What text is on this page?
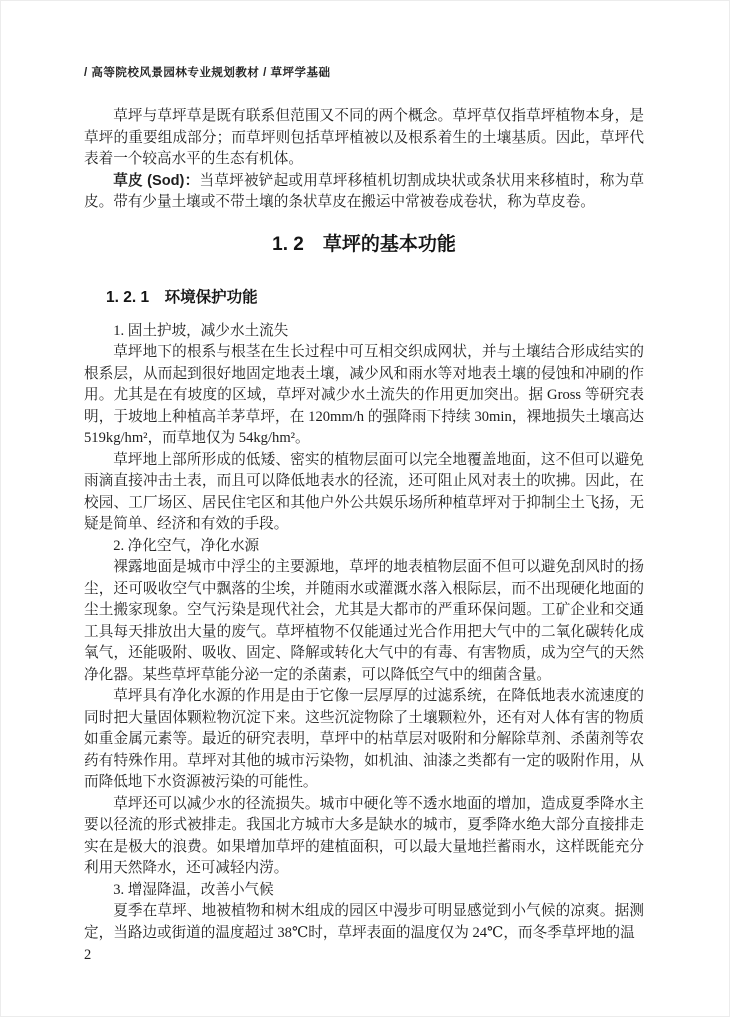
/ 高等院校风景园林专业规划教材 / 草坪学基础

草坪与草坪草是既有联系但范围又不同的两个概念。草坪草仅指草坪植物本身，是草坪的重要组成部分；而草坪则包括草坪植被以及根系着生的土壤基质。因此，草坪代表着一个较高水平的生态有机体。

草皮 (Sod)：当草坪被铲起或用草坪移植机切割成块状或条状用来移植时，称为草皮。带有少量土壤或不带土壤的条状草皮在搬运中常被卷成卷状，称为草皮卷。

1. 2　草坪的基本功能
1. 2. 1　环境保护功能

1. 固土护坡，减少水土流失

草坪地下的根系与根茎在生长过程中可互相交织成网状，并与土壤结合形成结实的根系层，从而起到很好地固定地表土壤，减少风和雨水等对地表土壤的侵蚀和冲刷的作用。尤其是在有坡度的区域，草坪对减少水土流失的作用更加突出。据 Gross 等研究表明，于坡地上种植高羊茅草坪，在 120mm/h 的强降雨下持续 30min，裸地损失土壤高达 519kg/hm²，而草地仅为 54kg/hm²。

草坪地上部所形成的低矮、密实的植物层面可以完全地覆盖地面，这不但可以避免雨滴直接冲击土表，而且可以降低地表水的径流，还可阻止风对表土的吹拂。因此，在校园、工厂场区、居民住宅区和其他户外公共娱乐场所种植草坪对于抑制尘土飞扬，无疑是简单、经济和有效的手段。

2. 净化空气，净化水源

裸露地面是城市中浮尘的主要源地，草坪的地表植物层面不但可以避免刮风时的扬尘，还可吸收空气中飘落的尘埃，并随雨水或灌溉水落入根际层，而不出现硬化地面的尘土搬家现象。空气污染是现代社会，尤其是大都市的严重环保问题。工矿企业和交通工具每天排放出大量的废气。草坪植物不仅能通过光合作用把大气中的二氧化碳转化成氧气，还能吸附、吸收、固定、降解或转化大气中的有毒、有害物质，成为空气的天然净化器。某些草坪草能分泌一定的杀菌素，可以降低空气中的细菌含量。

草坪具有净化水源的作用是由于它像一层厚厚的过滤系统，在降低地表水流速度的同时把大量固体颗粒物沉淀下来。这些沉淀物除了土壤颗粒外，还有对人体有害的物质如重金属元素等。最近的研究表明，草坪中的枯草层对吸附和分解除草剂、杀菌剂等农药有特殊作用。草坪对其他的城市污染物，如机油、油漆之类都有一定的吸附作用，从而降低地下水资源被污染的可能性。

草坪还可以减少水的径流损失。城市中硬化等不透水地面的增加，造成夏季降水主要以径流的形式被排走。我国北方城市大多是缺水的城市，夏季降水绝大部分直接排走实在是极大的浪费。如果增加草坪的建植面积，可以最大量地拦蓄雨水，这样既能充分利用天然降水，还可减轻内涝。

3. 增湿降温，改善小气候

夏季在草坪、地被植物和树木组成的园区中漫步可明显感觉到小气候的凉爽。据测定，当路边或街道的温度超过 38℃时，草坪表面的温度仅为 24℃，而冬季草坪地的温

2
